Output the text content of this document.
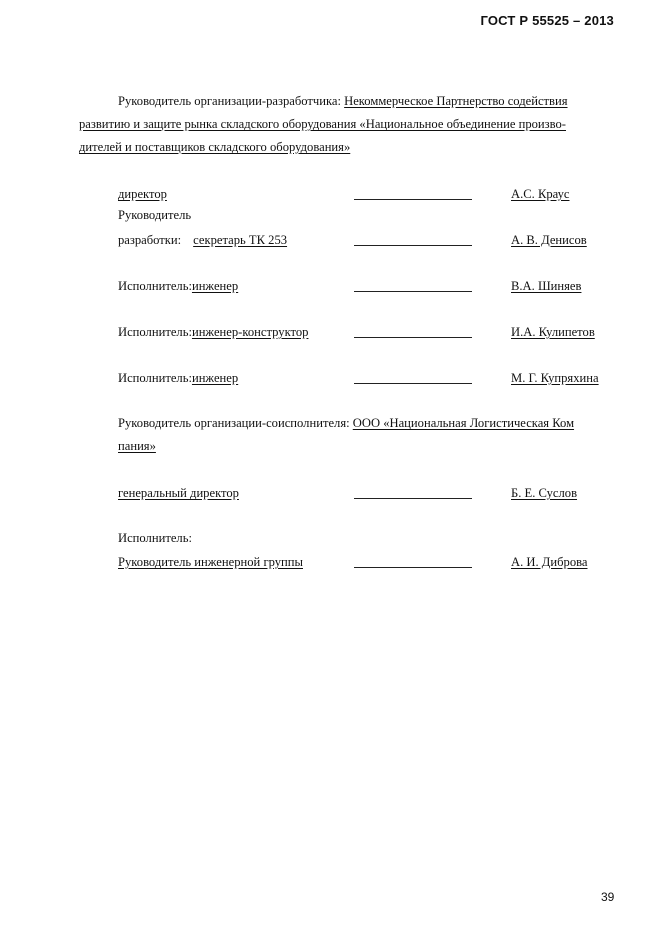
ГОСТ Р 55525 – 2013
Руководитель организации-разработчика: Некоммерческое Партнерство содействия
развитию и защите рынка складского оборудования «Национальное объединение произво-
дителей и поставщиков складского оборудования»
директор	А.С. Краус
Руководитель
разработки: секретарь ТК 253	А. В. Денисов
Исполнитель:инженер	В.А. Шиняев
Исполнитель:инженер-конструктор	И.А. Кулипетов
Исполнитель:инженер	М. Г. Купряхина
Руководитель организации-соисполнителя: ООО «Национальная Логистическая Ком
пания»
генеральный директор	Б. Е. Суслов
Исполнитель:
Руководитель инженерной группы	А. И. Диброва
39
